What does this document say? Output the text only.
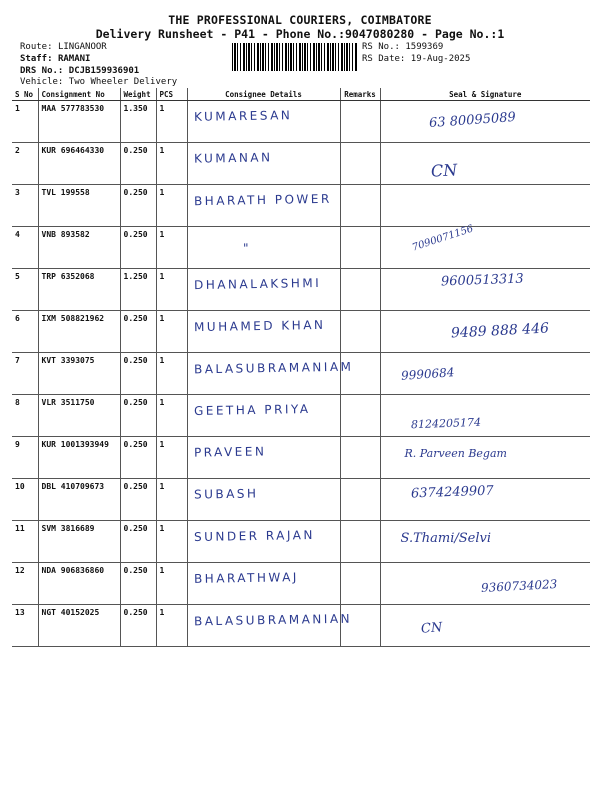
THE PROFESSIONAL COURIERS, COIMBATORE
Delivery Runsheet - P41 - Phone No.:9047080280 - Page No.:1
Route: LINGANOOR
Staff: RAMANI
DRS No.: DCJB159936901
Vehicle: Two Wheeler Delivery
RS No.: 1599369
RS Date: 19-Aug-2025
S No	Consignment No	Weight	PCS	Consignee Details	Remarks	Seal & Signature
1	MAA 577783530	1.350	1	KUMARESAN		63 80095089

2	KUR 696464330	0.250	1	KUMANAN		CN

3	TVL 199558	0.250	1	BHARATH POWER		

4	VNB 893582	0.250	1	"		7090071156

5	TRP 6352068	1.250	1	DHANALAKSHMI		9600513313

6	IXM 508821962	0.250	1	MUHAMED KHAN		9489 888 446

7	KVT 3393075	0.250	1	BALASUBRAMANIAM		9990684

8	VLR 3511750	0.250	1	GEETHA PRIYA		8124205174

9	KUR 1001393949	0.250	1	PRAVEEN		R. Parveen Begam

10	DBL 410709673	0.250	1	SUBASH		6374249907

11	SVM 3816689	0.250	1	SUNDER RAJAN		S.Thami/Selvi

12	NDA 906836860	0.250	1	BHARATHWAJ		9360734023

13	NGT 40152025	0.250	1	BALASUBRAMANIAN		CN
